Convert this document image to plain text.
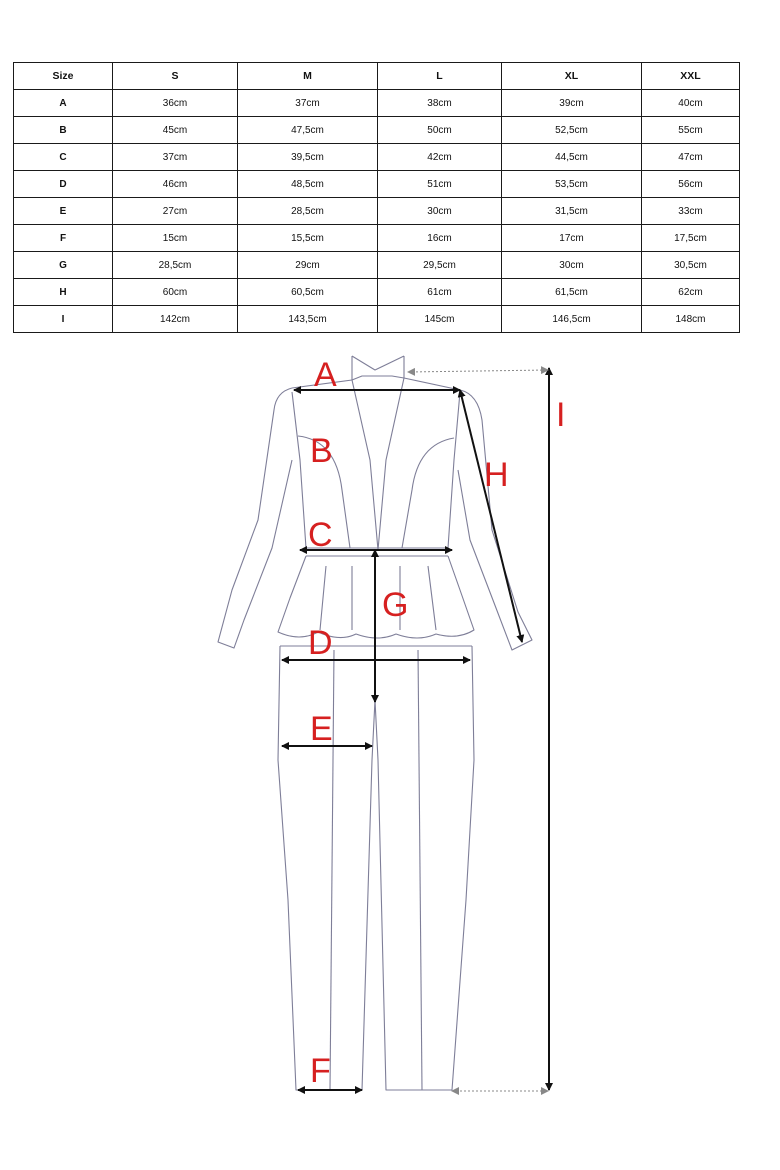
Size	S	M	L	XL	XXL
A	36cm	37cm	38cm	39cm	40cm
B	45cm	47,5cm	50cm	52,5cm	55cm
C	37cm	39,5cm	42cm	44,5cm	47cm
D	46cm	48,5cm	51cm	53,5cm	56cm
E	27cm	28,5cm	30cm	31,5cm	33cm
F	15cm	15,5cm	16cm	17cm	17,5cm
G	28,5cm	29cm	29,5cm	30cm	30,5cm
H	60cm	60,5cm	61cm	61,5cm	62cm
I	142cm	143,5cm	145cm	146,5cm	148cm
A
B
C
G
D
E
F
H
I
